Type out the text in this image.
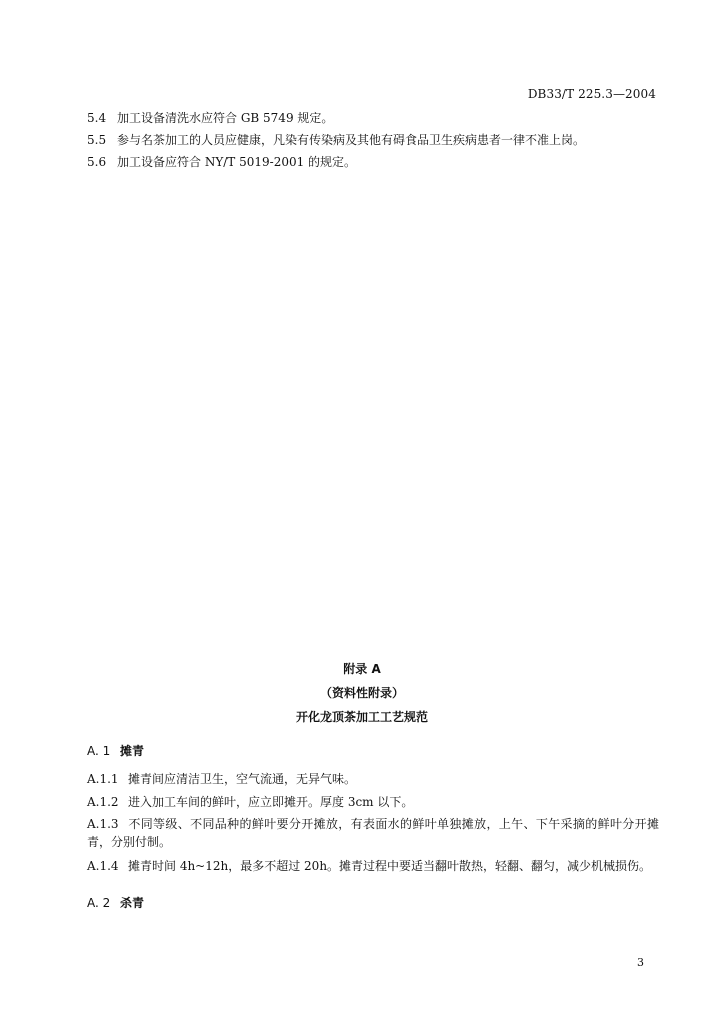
DB33/T 225.3—2004
5.4 加工设备清洗水应符合 GB 5749 规定。
5.5 参与名茶加工的人员应健康，凡染有传染病及其他有碍食品卫生疾病患者一律不准上岗。
5.6 加工设备应符合 NY/T 5019-2001 的规定。
附录 A
（资料性附录）
开化龙顶茶加工工艺规范
A. 1 摊青
A.1.1 摊青间应清洁卫生，空气流通，无异气味。
A.1.2 进入加工车间的鲜叶，应立即摊开。厚度 3cm 以下。
A.1.3 不同等级、不同品种的鲜叶要分开摊放，有表面水的鲜叶单独摊放，上午、下午采摘的鲜叶分开摊青，分别付制。
A.1.4 摊青时间 4h~12h，最多不超过 20h。摊青过程中要适当翻叶散热，轻翻、翻匀，减少机械损伤。
A. 2 杀青
3
